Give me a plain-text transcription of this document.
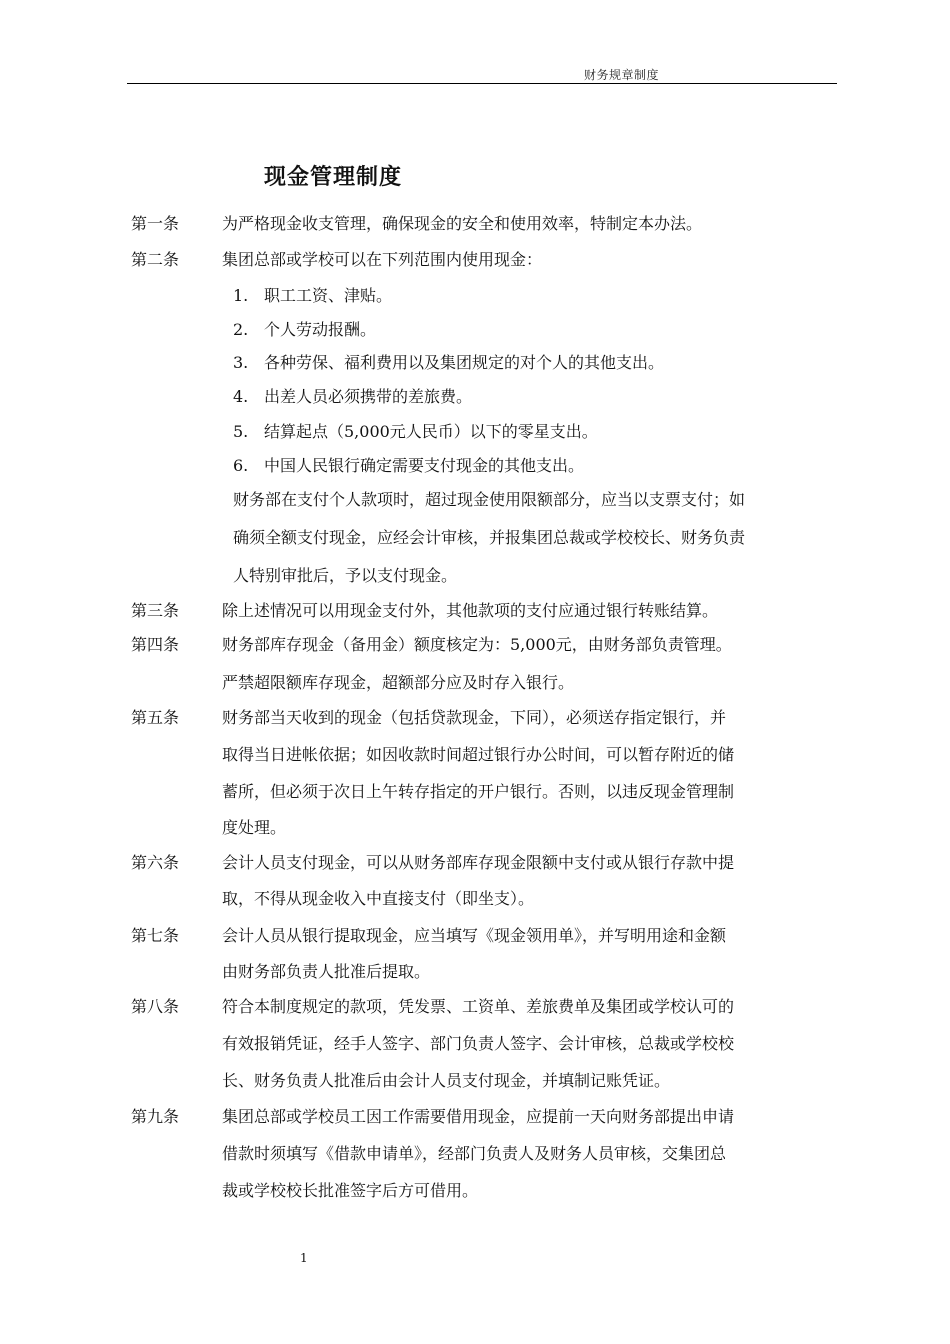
财务规章制度
现金管理制度
第一条	为严格现金收支管理，确保现金的安全和使用效率，特制定本办法。
第二条	集团总部或学校可以在下列范围内使用现金：
1. 职工工资、津贴。
2. 个人劳动报酬。
3. 各种劳保、福利费用以及集团规定的对个人的其他支出。
4. 出差人员必须携带的差旅费。
5. 结算起点（5,000元人民币）以下的零星支出。
6. 中国人民银行确定需要支付现金的其他支出。
财务部在支付个人款项时，超过现金使用限额部分，应当以支票支付；如
确须全额支付现金，应经会计审核，并报集团总裁或学校校长、财务负责
人特别审批后，予以支付现金。
第三条	除上述情况可以用现金支付外，其他款项的支付应通过银行转账结算。
第四条	财务部库存现金（备用金）额度核定为：5,000元，由财务部负责管理。
严禁超限额库存现金，超额部分应及时存入银行。
第五条	财务部当天收到的现金（包括贷款现金，下同），必须送存指定银行，并
取得当日进帐依据；如因收款时间超过银行办公时间，可以暂存附近的储
蓄所，但必须于次日上午转存指定的开户银行。否则，以违反现金管理制
度处理。
第六条	会计人员支付现金，可以从财务部库存现金限额中支付或从银行存款中提
取，不得从现金收入中直接支付（即坐支）。
第七条	会计人员从银行提取现金，应当填写《现金领用单》，并写明用途和金额
由财务部负责人批准后提取。
第八条	符合本制度规定的款项，凭发票、工资单、差旅费单及集团或学校认可的
有效报销凭证，经手人签字、部门负责人签字、会计审核，总裁或学校校
长、财务负责人批准后由会计人员支付现金，并填制记账凭证。
第九条	集团总部或学校员工因工作需要借用现金，应提前一天向财务部提出申请
借款时须填写《借款申请单》，经部门负责人及财务人员审核，交集团总
裁或学校校长批准签字后方可借用。
1
